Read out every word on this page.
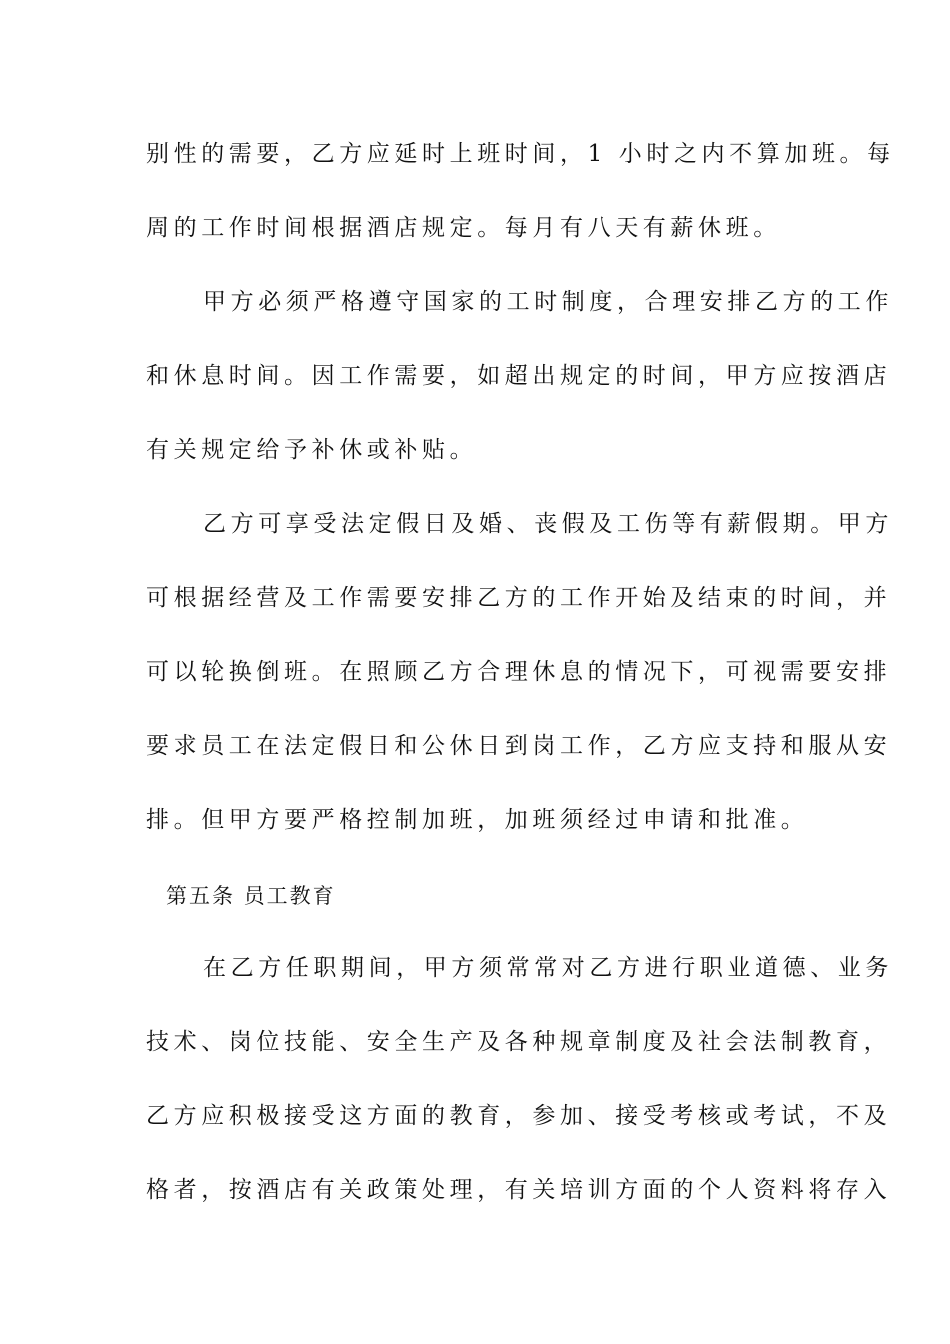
别性的需要，乙方应延时上班时间，1 小时之内不算加班。每
周的工作时间根据酒店规定。每月有八天有薪休班。
甲方必须严格遵守国家的工时制度，合理安排乙方的工作
和休息时间。因工作需要，如超出规定的时间，甲方应按酒店
有关规定给予补休或补贴。
乙方可享受法定假日及婚、丧假及工伤等有薪假期。甲方
可根据经营及工作需要安排乙方的工作开始及结束的时间，并
可以轮换倒班。在照顾乙方合理休息的情况下，可视需要安排
要求员工在法定假日和公休日到岗工作，乙方应支持和服从安
排。但甲方要严格控制加班，加班须经过申请和批准。
第五条 员工教育
在乙方任职期间，甲方须常常对乙方进行职业道德、业务
技术、岗位技能、安全生产及各种规章制度及社会法制教育，
乙方应积极接受这方面的教育，参加、接受考核或考试，不及
格者，按酒店有关政策处理，有关培训方面的个人资料将存入
